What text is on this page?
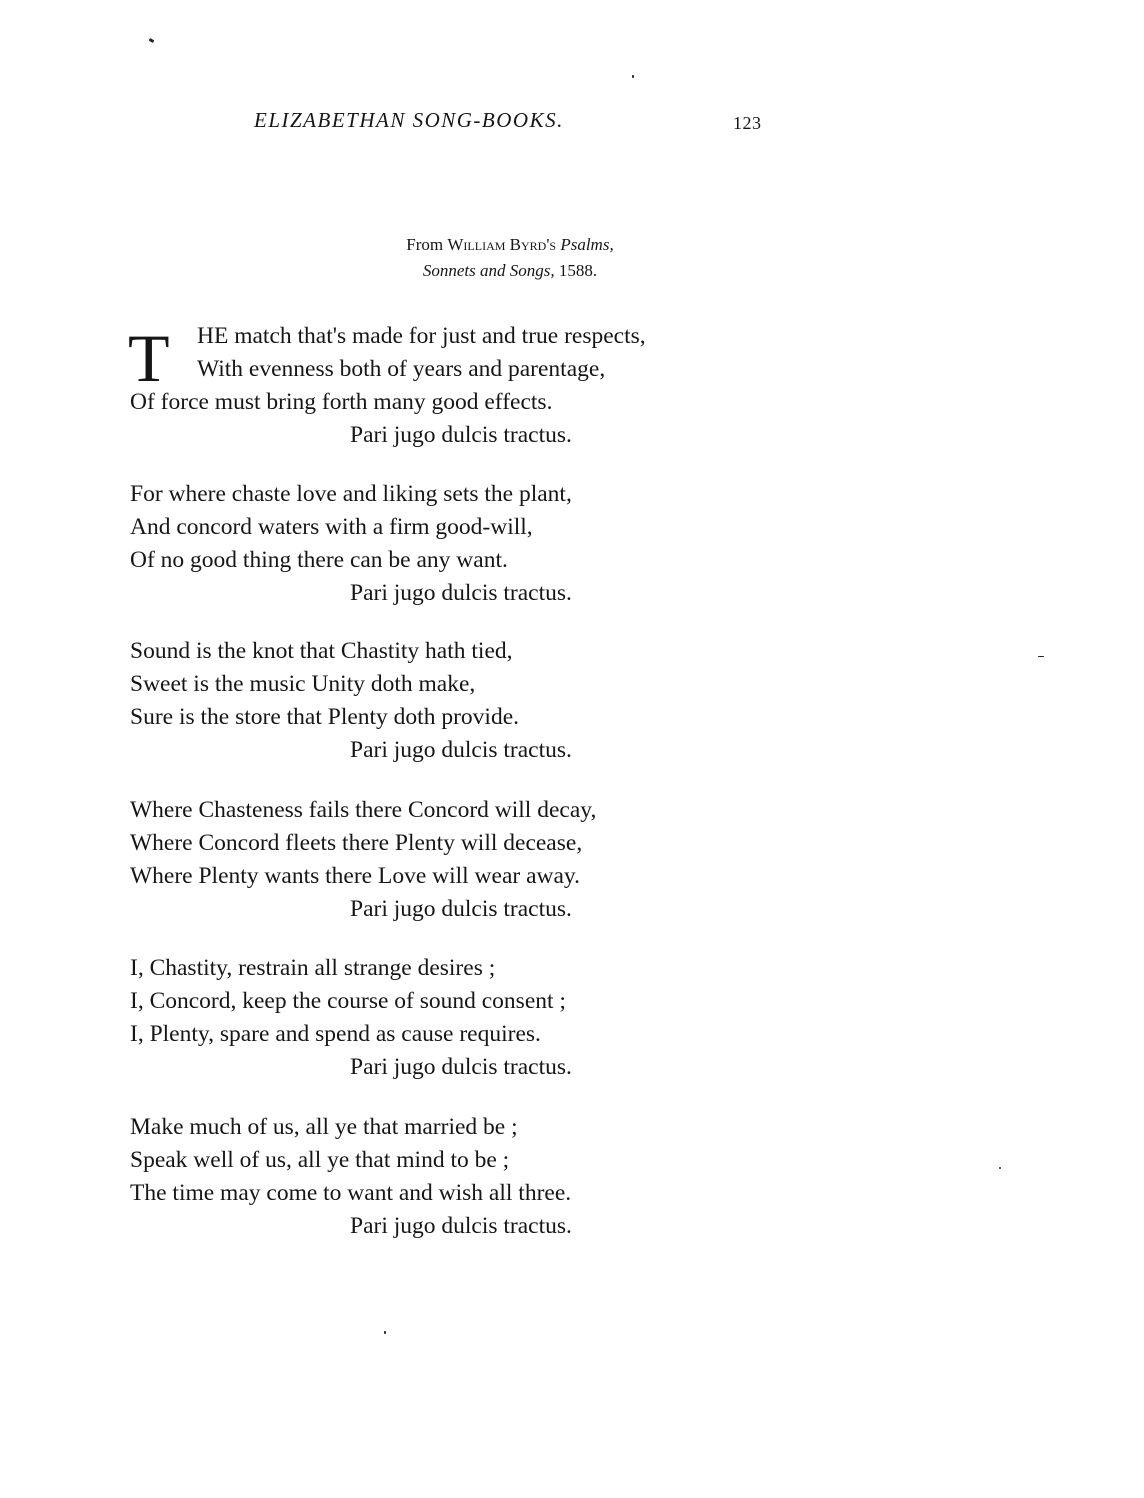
ELIZABETHAN SONG-BOOKS.	123
From William Byrd's Psalms,
Sonnets and Songs, 1588.
T HE match that's made for just and true respects,
With evenness both of years and parentage,
Of force must bring forth many good effects.
Pari jugo dulcis tractus.
For where chaste love and liking sets the plant,
And concord waters with a firm good-will,
Of no good thing there can be any want.
Pari jugo dulcis tractus.
Sound is the knot that Chastity hath tied,
Sweet is the music Unity doth make,
Sure is the store that Plenty doth provide.
Pari jugo dulcis tractus.
Where Chasteness fails there Concord will decay,
Where Concord fleets there Plenty will decease,
Where Plenty wants there Love will wear away.
Pari jugo dulcis tractus.
I, Chastity, restrain all strange desires ;
I, Concord, keep the course of sound consent ;
I, Plenty, spare and spend as cause requires.
Pari jugo dulcis tractus.
Make much of us, all ye that married be ;
Speak well of us, all ye that mind to be ;
The time may come to want and wish all three.
Pari jugo dulcis tractus.
